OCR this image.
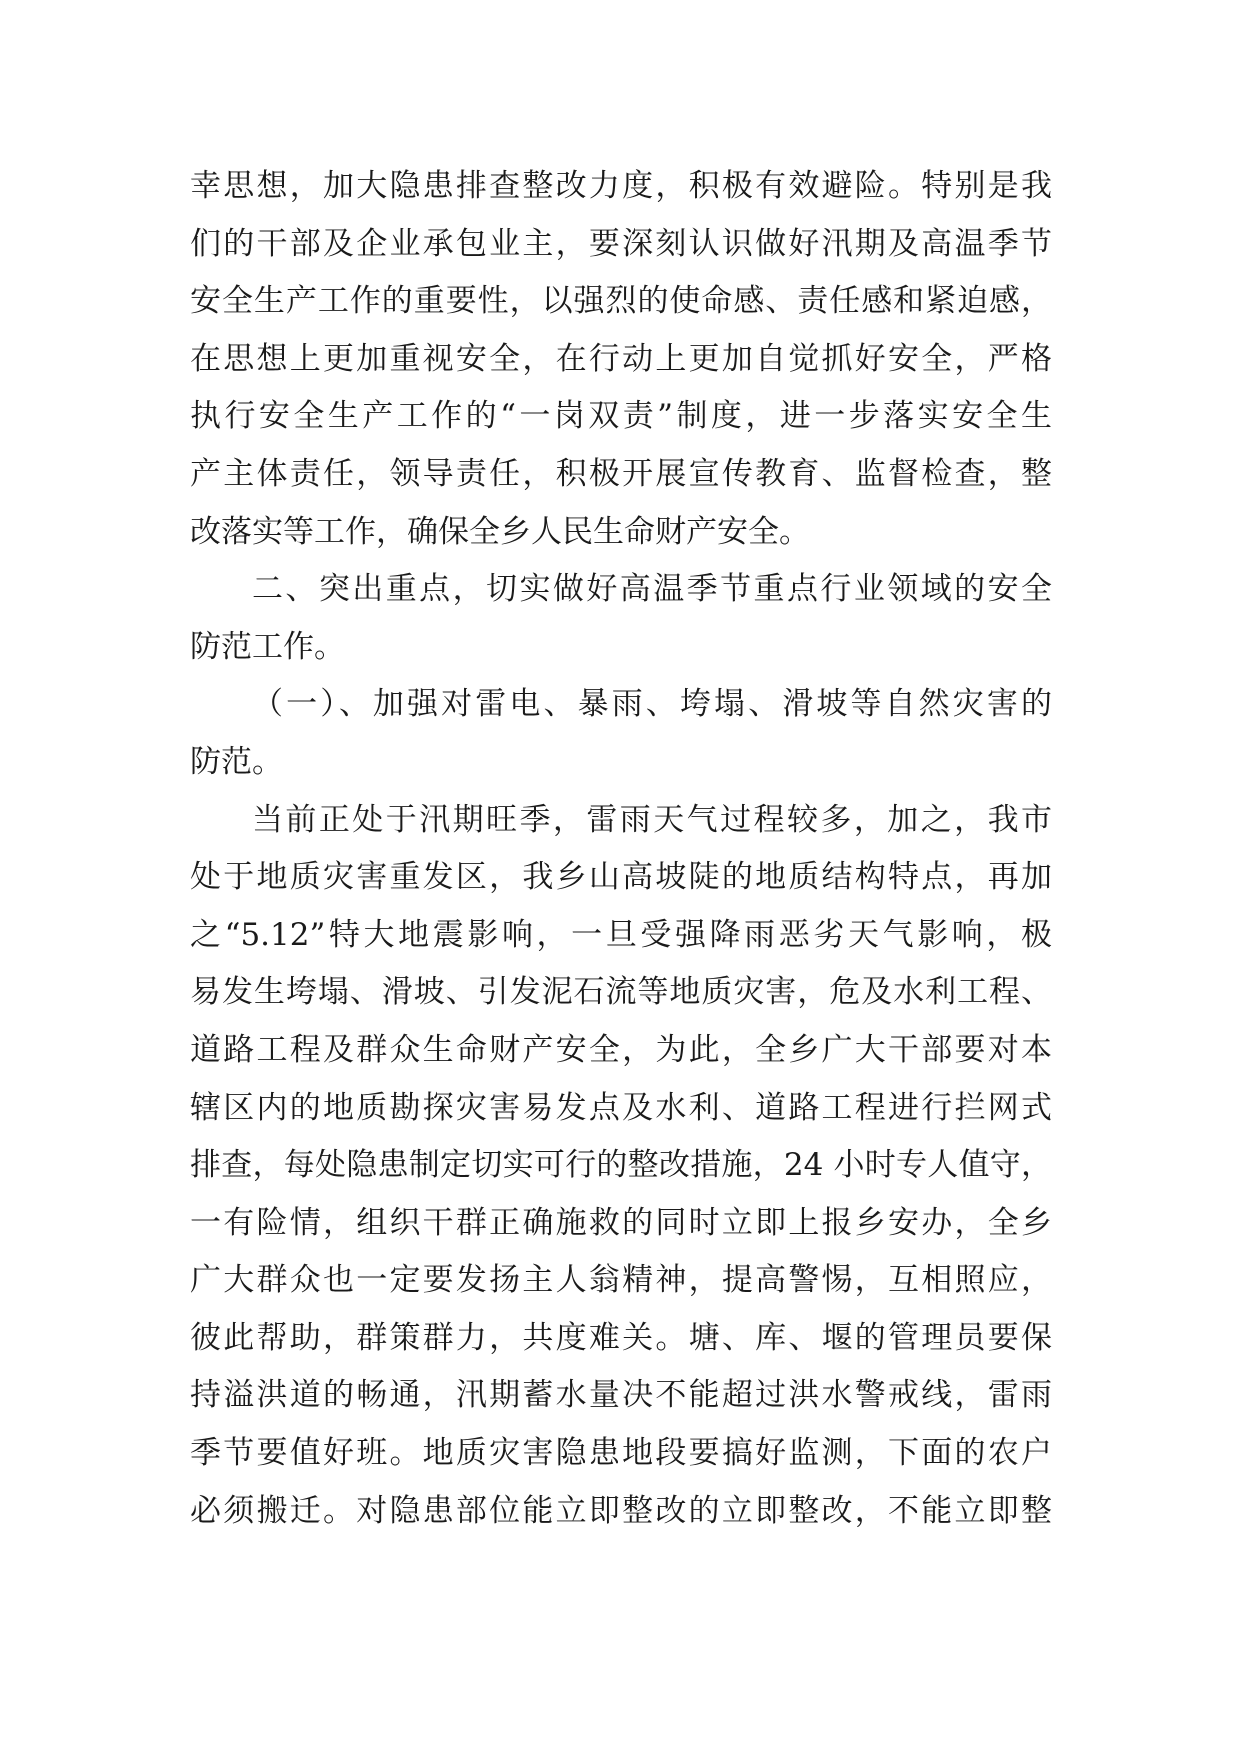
幸思想，加大隐患排查整改力度，积极有效避险。特别是我
们的干部及企业承包业主，要深刻认识做好汛期及高温季节
安全生产工作的重要性，以强烈的使命感、责任感和紧迫感，
在思想上更加重视安全，在行动上更加自觉抓好安全，严格
执行安全生产工作的“一岗双责”制度，进一步落实安全生
产主体责任，领导责任，积极开展宣传教育、监督检查，整
改落实等工作，确保全乡人民生命财产安全。
二、突出重点，切实做好高温季节重点行业领域的安全
防范工作。
（一）、加强对雷电、暴雨、垮塌、滑坡等自然灾害的
防范。
当前正处于汛期旺季，雷雨天气过程较多，加之，我市
处于地质灾害重发区，我乡山高坡陡的地质结构特点，再加
之“5.12”特大地震影响，一旦受强降雨恶劣天气影响，极
易发生垮塌、滑坡、引发泥石流等地质灾害，危及水利工程、
道路工程及群众生命财产安全，为此，全乡广大干部要对本
辖区内的地质勘探灾害易发点及水利、道路工程进行拦网式
排查，每处隐患制定切实可行的整改措施，24 小时专人值守，
一有险情，组织干群正确施救的同时立即上报乡安办，全乡
广大群众也一定要发扬主人翁精神，提高警惕，互相照应，
彼此帮助，群策群力，共度难关。塘、库、堰的管理员要保
持溢洪道的畅通，汛期蓄水量决不能超过洪水警戒线，雷雨
季节要值好班。地质灾害隐患地段要搞好监测，下面的农户
必须搬迁。对隐患部位能立即整改的立即整改，不能立即整
